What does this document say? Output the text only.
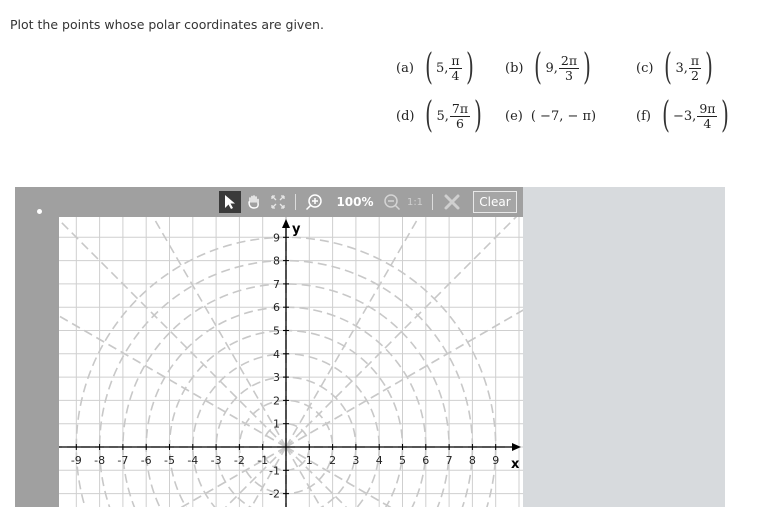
Plot the points whose polar coordinates are given.
(a) ( 5, $\frac{\pi}{4}$ ) (b) ( 9, $\frac{2\pi}{3}$ )	(c) ( 3, $\frac{\pi}{2}$ )
(d) ( 5, $\frac{7\pi}{6}$ ) (e) ( −7, − π)	(f) ( −3, $\frac{9\pi}{4}$ )
100%	1:1	Clear
-9 -8 -7 -6 -5 -4 -3 -2 -1	1 2 3 4 5 6 7 8 9
9
8
7
6
5
4
3
2
1
-1
-2
x
y
